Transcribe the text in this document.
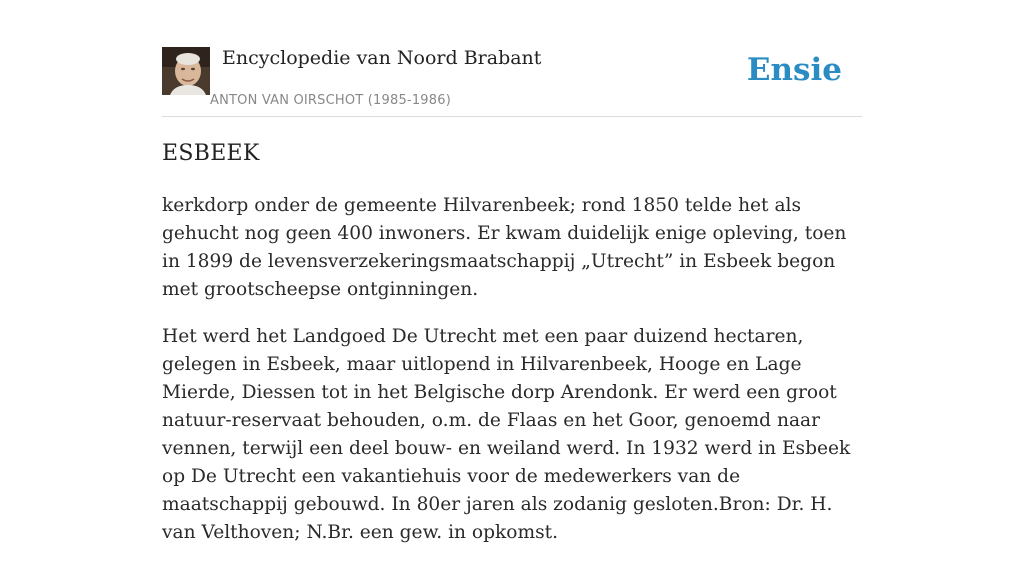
Encyclopedie van Noord Brabant
ANTON VAN OIRSCHOT (1985-1986)
Ensie
ESBEEK

kerkdorp onder de gemeente Hilvarenbeek; rond 1850 telde het als gehucht nog geen 400 inwoners. Er kwam duidelijk enige opleving, toen in 1899 de levensverzekeringsmaatschappij „Utrecht” in Esbeek begon met grootscheepse ontginningen.

Het werd het Landgoed De Utrecht met een paar duizend hectaren, gelegen in Esbeek, maar uitlopend in Hilvarenbeek, Hooge en Lage Mierde, Diessen tot in het Belgische dorp Arendonk. Er werd een groot natuur-reservaat behouden, o.m. de Flaas en het Goor, genoemd naar vennen, terwijl een deel bouw- en weiland werd. In 1932 werd in Esbeek op De Utrecht een vakantiehuis voor de medewerkers van de maatschappij gebouwd. In 80er jaren als zodanig gesloten.Bron: Dr. H. van Velthoven; N.Br. een gew. in opkomst.
